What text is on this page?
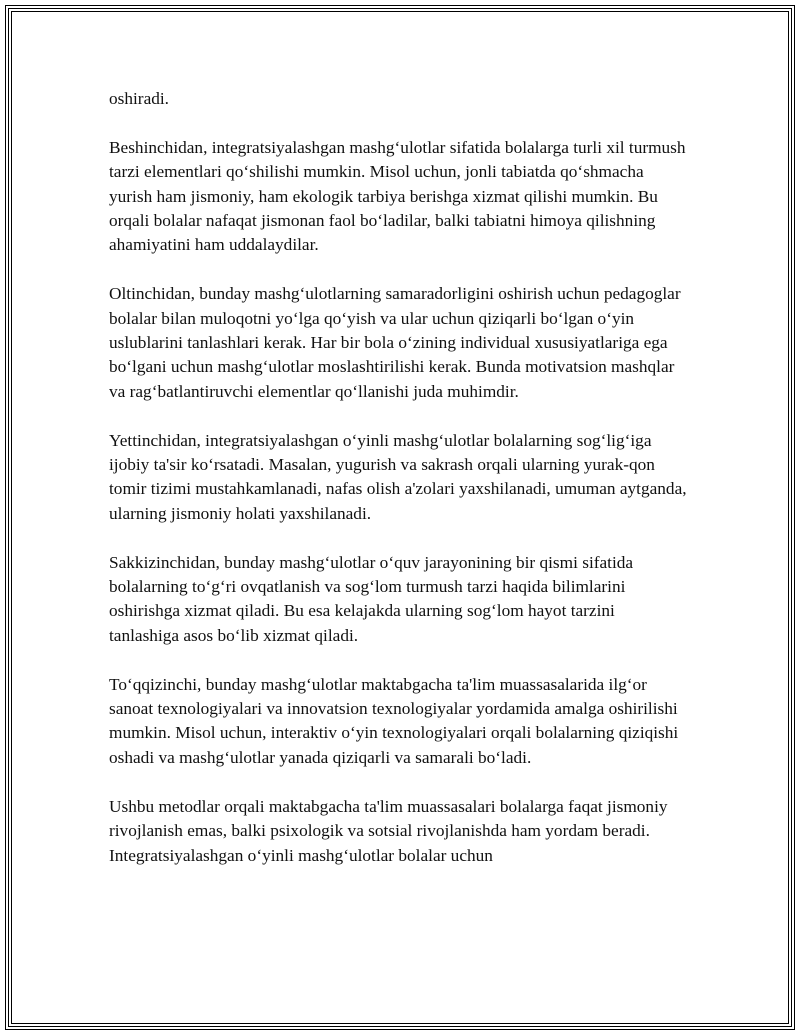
oshiradi.

Beshinchidan, integratsiyalashgan mashg‘ulotlar sifatida bolalarga turli xil turmush tarzi elementlari qo‘shilishi mumkin. Misol uchun, jonli tabiatda qo‘shmacha yurish ham jismoniy, ham ekologik tarbiya berishga xizmat qilishi mumkin. Bu orqali bolalar nafaqat jismonan faol bo‘ladilar, balki tabiatni himoya qilishning ahamiyatini ham uddalaydilar.

Oltinchidan, bunday mashg‘ulotlarning samaradorligini oshirish uchun pedagoglar bolalar bilan muloqotni yo‘lga qo‘yish va ular uchun qiziqarli bo‘lgan o‘yin uslublarini tanlashlari kerak. Har bir bola o‘zining individual xususiyatlariga ega bo‘lgani uchun mashg‘ulotlar moslashtirilishi kerak. Bunda motivatsion mashqlar va rag‘batlantiruvchi elementlar qo‘llanishi juda muhimdir.

Yettinchidan, integratsiyalashgan o‘yinli mashg‘ulotlar bolalarning sog‘lig‘iga ijobiy ta'sir ko‘rsatadi. Masalan, yugurish va sakrash orqali ularning yurak-qon tomir tizimi mustahkamlanadi, nafas olish a'zolari yaxshilanadi, umuman aytganda, ularning jismoniy holati yaxshilanadi.

Sakkizinchidan, bunday mashg‘ulotlar o‘quv jarayonining bir qismi sifatida bolalarning to‘g‘ri ovqatlanish va sog‘lom turmush tarzi haqida bilimlarini oshirishga xizmat qiladi. Bu esa kelajakda ularning sog‘lom hayot tarzini tanlashiga asos bo‘lib xizmat qiladi.

To‘qqizinchi, bunday mashg‘ulotlar maktabgacha ta'lim muassasalarida ilg‘or sanoat texnologiyalari va innovatsion texnologiyalar yordamida amalga oshirilishi mumkin. Misol uchun, interaktiv o‘yin texnologiyalari orqali bolalarning qiziqishi oshadi va mashg‘ulotlar yanada qiziqarli va samarali bo‘ladi.

Ushbu metodlar orqali maktabgacha ta'lim muassasalari bolalarga faqat jismoniy rivojlanish emas, balki psixologik va sotsial rivojlanishda ham yordam beradi. Integratsiyalashgan o‘yinli mashg‘ulotlar bolalar uchun
